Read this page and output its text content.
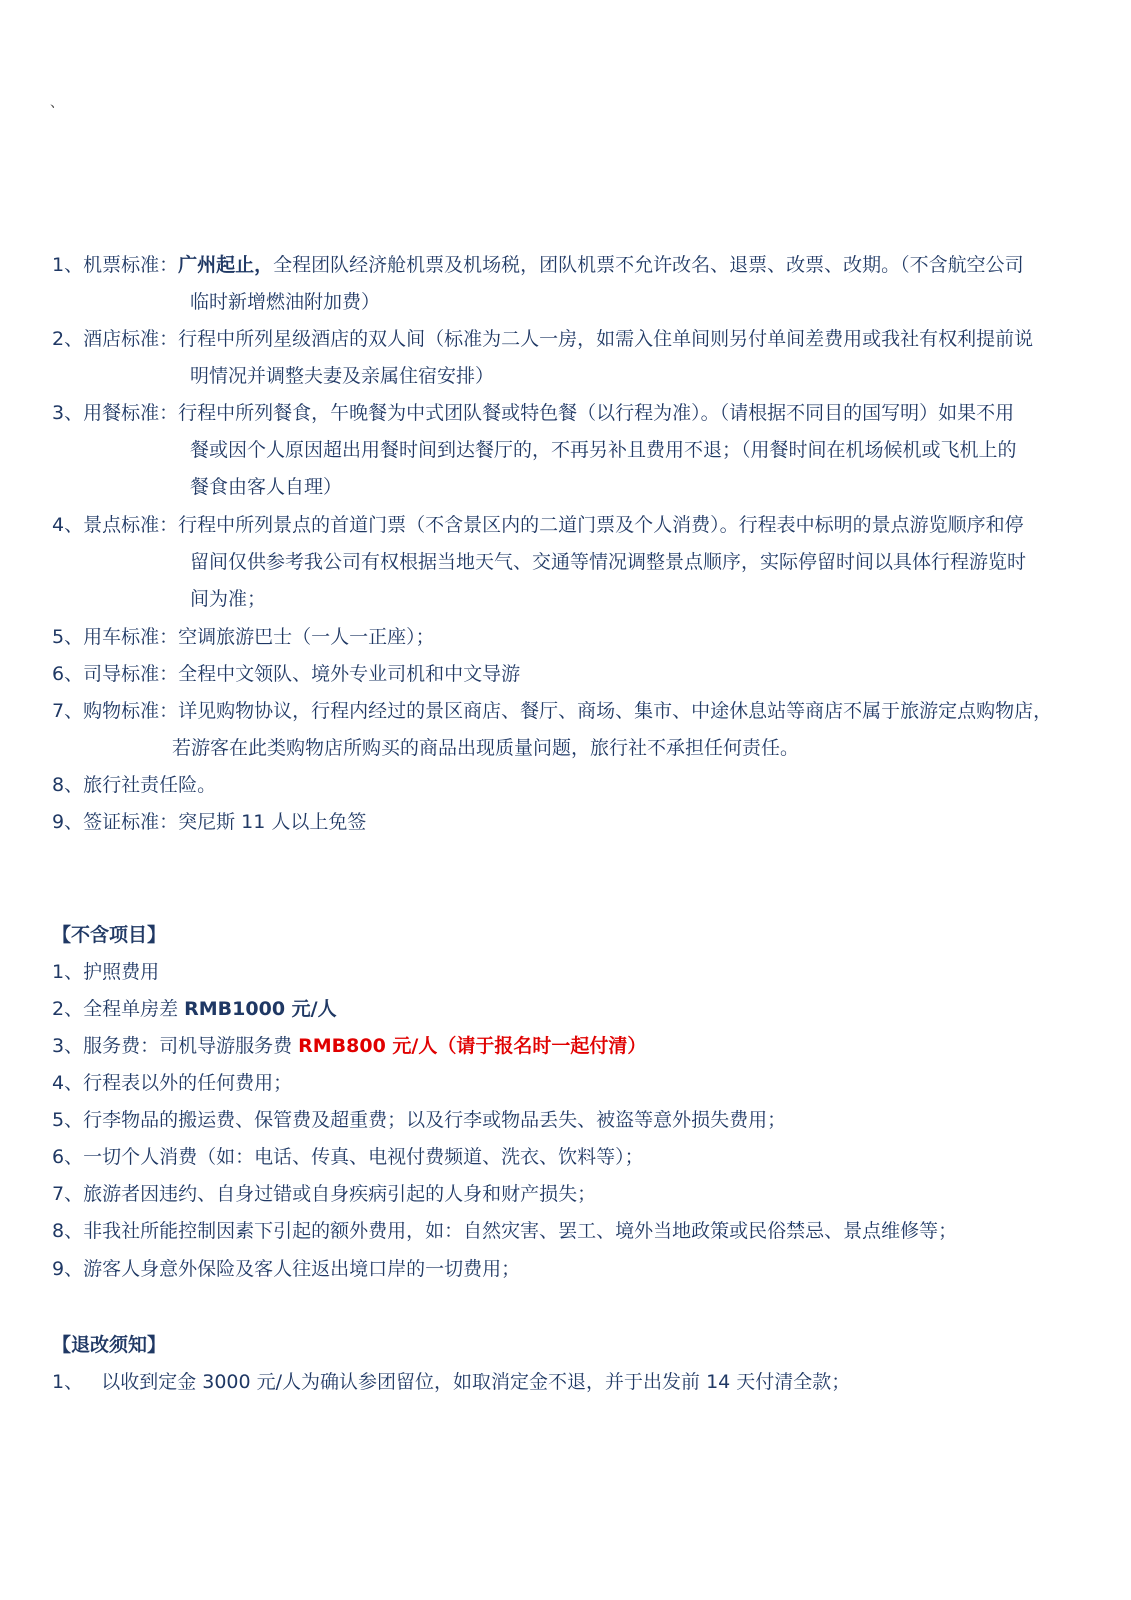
、
1、机票标准：广州起止，全程团队经济舱机票及机场税，团队机票不允许改名、退票、改票、改期。（不含航空公司
临时新增燃油附加费）
2、酒店标准：行程中所列星级酒店的双人间（标准为二人一房，如需入住单间则另付单间差费用或我社有权利提前说
明情况并调整夫妻及亲属住宿安排）
3、用餐标准：行程中所列餐食，午晚餐为中式团队餐或特色餐（以行程为准）。（请根据不同目的国写明）如果不用
餐或因个人原因超出用餐时间到达餐厅的，不再另补且费用不退；（用餐时间在机场候机或飞机上的
餐食由客人自理）
4、景点标准：行程中所列景点的首道门票（不含景区内的二道门票及个人消费）。行程表中标明的景点游览顺序和停
留间仅供参考我公司有权根据当地天气、交通等情况调整景点顺序，实际停留时间以具体行程游览时
间为准；
5、用车标准：空调旅游巴士（一人一正座）；
6、司导标准：全程中文领队、境外专业司机和中文导游
7、购物标准：详见购物协议，行程内经过的景区商店、餐厅、商场、集市、中途休息站等商店不属于旅游定点购物店，
若游客在此类购物店所购买的商品出现质量问题，旅行社不承担任何责任。
8、旅行社责任险。
9、签证标准：突尼斯 11 人以上免签
【不含项目】
1、护照费用
2、全程单房差 RMB1000 元/人
3、服务费：司机导游服务费 RMB800 元/人（请于报名时一起付清）
4、行程表以外的任何费用；
5、行李物品的搬运费、保管费及超重费；以及行李或物品丢失、被盗等意外损失费用；
6、一切个人消费（如：电话、传真、电视付费频道、洗衣、饮料等）；
7、旅游者因违约、自身过错或自身疾病引起的人身和财产损失；
8、非我社所能控制因素下引起的额外费用，如：自然灾害、罢工、境外当地政策或民俗禁忌、景点维修等；
9、游客人身意外保险及客人往返出境口岸的一切费用；
【退改须知】
1、   以收到定金 3000 元/人为确认参团留位，如取消定金不退，并于出发前 14 天付清全款；
